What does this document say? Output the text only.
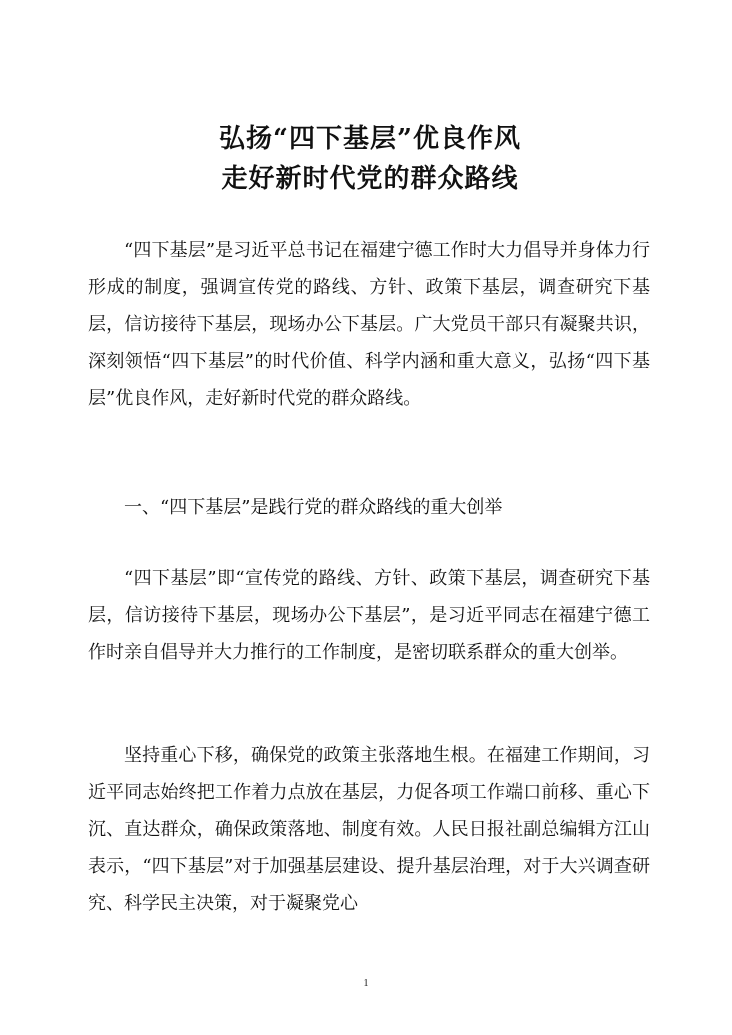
弘扬“四下基层”优良作风
走好新时代党的群众路线

“四下基层”是习近平总书记在福建宁德工作时大力倡导并身体力行形成的制度，强调宣传党的路线、方针、政策下基层，调查研究下基层，信访接待下基层，现场办公下基层。广大党员干部只有凝聚共识，深刻领悟“四下基层”的时代价值、科学内涵和重大意义，弘扬“四下基层”优良作风，走好新时代党的群众路线。

一、“四下基层”是践行党的群众路线的重大创举

“四下基层”即“宣传党的路线、方针、政策下基层，调查研究下基层，信访接待下基层，现场办公下基层”，是习近平同志在福建宁德工作时亲自倡导并大力推行的工作制度，是密切联系群众的重大创举。

坚持重心下移，确保党的政策主张落地生根。在福建工作期间，习近平同志始终把工作着力点放在基层，力促各项工作端口前移、重心下沉、直达群众，确保政策落地、制度有效。人民日报社副总编辑方江山表示，“四下基层”对于加强基层建设、提升基层治理，对于大兴调查研究、科学民主决策，对于凝聚党心

1
